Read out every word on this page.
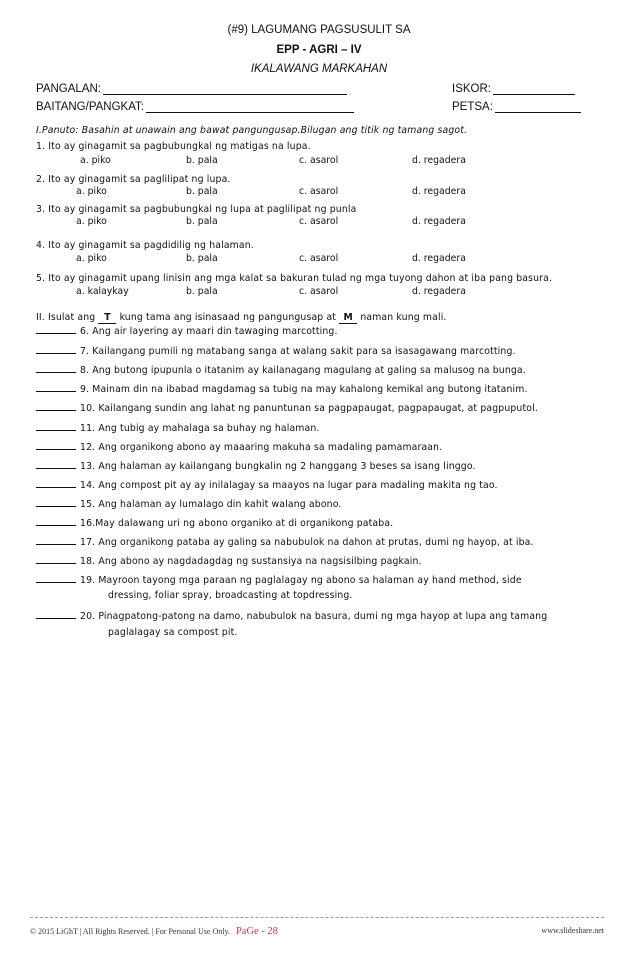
(#9) LAGUMANG PAGSUSULIT SA
EPP - AGRI – IV
IKALAWANG MARKAHAN
PANGALAN:	ISKOR:
BAITANG/PANGKAT:	PETSA:
I.Panuto: Basahin at unawain ang bawat pangungusap.Bilugan ang titik ng tamang sagot.
1. Ito ay ginagamit sa pagbubungkal ng matigas na lupa.
a. piko	b. pala	c. asarol	d. regadera
2. Ito ay ginagamit sa paglilipat ng lupa.
a. piko	b. pala	c. asarol	d. regadera
3. Ito ay ginagamit sa pagbubungkal ng lupa at paglilipat ng punla
a. piko	b. pala	c. asarol	d. regadera
4. Ito ay ginagamit sa pagdidilig ng halaman.
a. piko	b. pala	c. asarol	d. regadera
5. Ito ay ginagamit upang linisin ang mga kalat sa bakuran tulad ng mga tuyong dahon at iba pang basura.
a. kalaykay	b. pala	c. asarol	d. regadera
II. Isulat ang T kung tama ang isinasaad ng pangungusap at M naman kung mali.
6. Ang air layering ay maari din tawaging marcotting.
7. Kailangang pumili ng matabang sanga at walang sakit para sa isasagawang marcotting.
8. Ang butong ipupunla o itatanim ay kailanagang magulang at galing sa malusog na bunga.
9. Mainam din na ibabad magdamag sa tubig na may kahalong kemikal ang butong itatanim.
10. Kailangang sundin ang lahat ng panuntunan sa pagpapaugat, pagpapaugat, at pagpuputol.
11. Ang tubig ay mahalaga sa buhay ng halaman.
12. Ang organikong abono ay maaaring makuha sa madaling pamamaraan.
13. Ang halaman ay kailangang bungkalin ng 2 hanggang 3 beses sa isang linggo.
14. Ang compost pit ay ay inilalagay sa maayos na lugar para madaling makita ng tao.
15. Ang halaman ay lumalago din kahit walang abono.
16.May dalawang uri ng abono organiko at di organikong pataba.
17. Ang organikong pataba ay galing sa nabubulok na dahon at prutas, dumi ng hayop, at iba.
18. Ang abono ay nagdadagdag ng sustansiya na nagsisilbing pagkain.
19. Mayroon tayong mga paraan ng paglalagay ng abono sa halaman ay hand method, side
dressing, foliar spray, broadcasting at topdressing.
20. Pinagpatong-patong na damo, nabubulok na basura, dumi ng mga hayop at lupa ang tamang
paglalagay sa compost pit.
© 2015 LiGhT | All Rights Reserved. | For Personal Use Only. PaGe - 28	www.slideshare.net
